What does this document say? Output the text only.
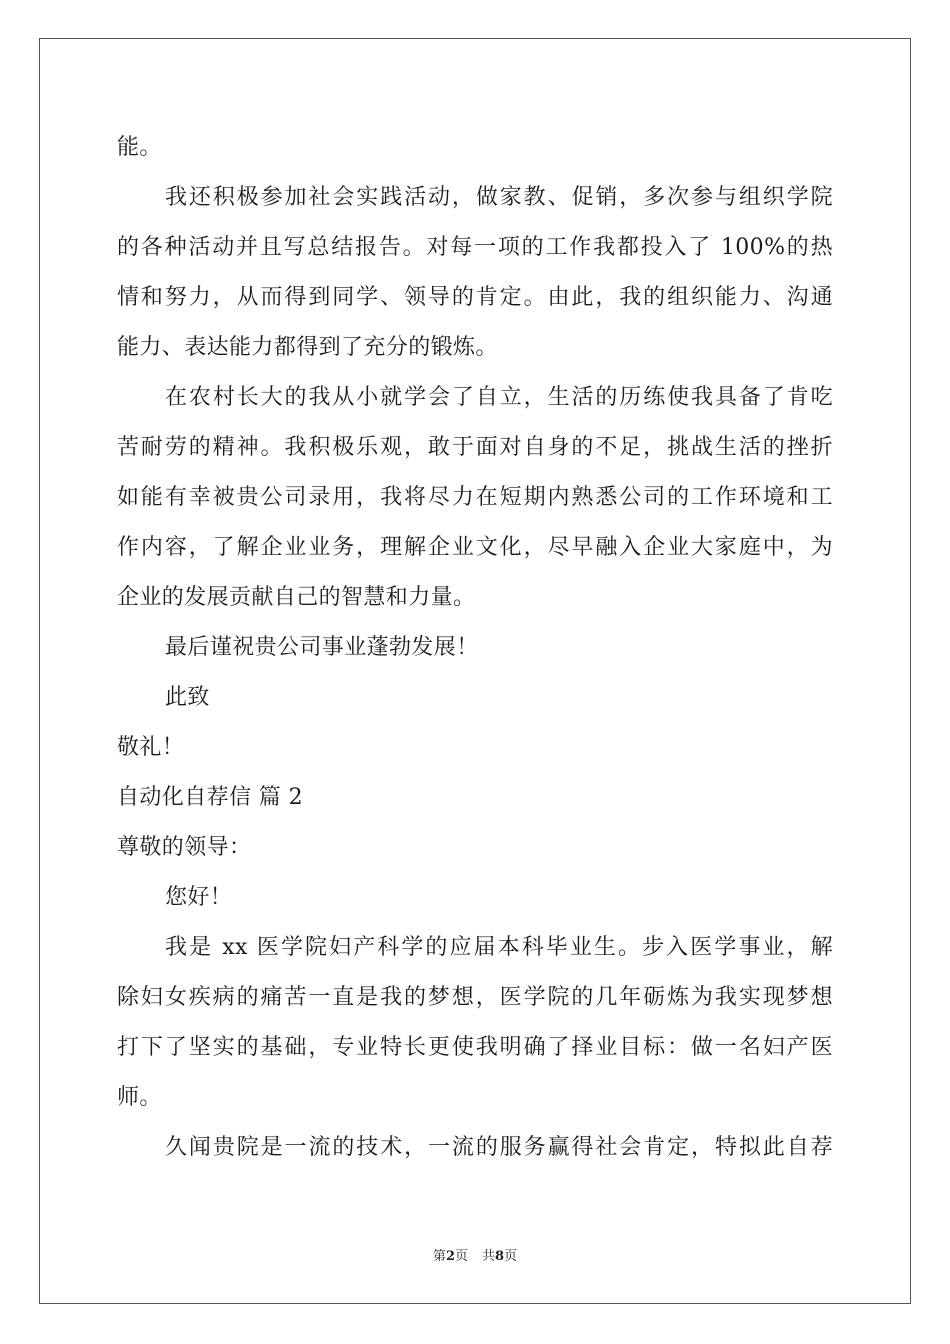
能。
我还积极参加社会实践活动，做家教、促销，多次参与组织学院
的各种活动并且写总结报告。对每一项的工作我都投入了 100%的热
情和努力，从而得到同学、领导的肯定。由此，我的组织能力、沟通
能力、表达能力都得到了充分的锻炼。
在农村长大的我从小就学会了自立，生活的历练使我具备了肯吃
苦耐劳的精神。我积极乐观，敢于面对自身的不足，挑战生活的挫折
如能有幸被贵公司录用，我将尽力在短期内熟悉公司的工作环境和工
作内容，了解企业业务，理解企业文化，尽早融入企业大家庭中，为
企业的发展贡献自己的智慧和力量。
最后谨祝贵公司事业蓬勃发展！
此致
敬礼！
自动化自荐信 篇 2
尊敬的领导：
您好！
我是 xx 医学院妇产科学的应届本科毕业生。步入医学事业，解
除妇女疾病的痛苦一直是我的梦想，医学院的几年砺炼为我实现梦想
打下了坚实的基础，专业特长更使我明确了择业目标：做一名妇产医
师。
久闻贵院是一流的技术，一流的服务赢得社会肯定，特拟此自荐
第2页 共8页
